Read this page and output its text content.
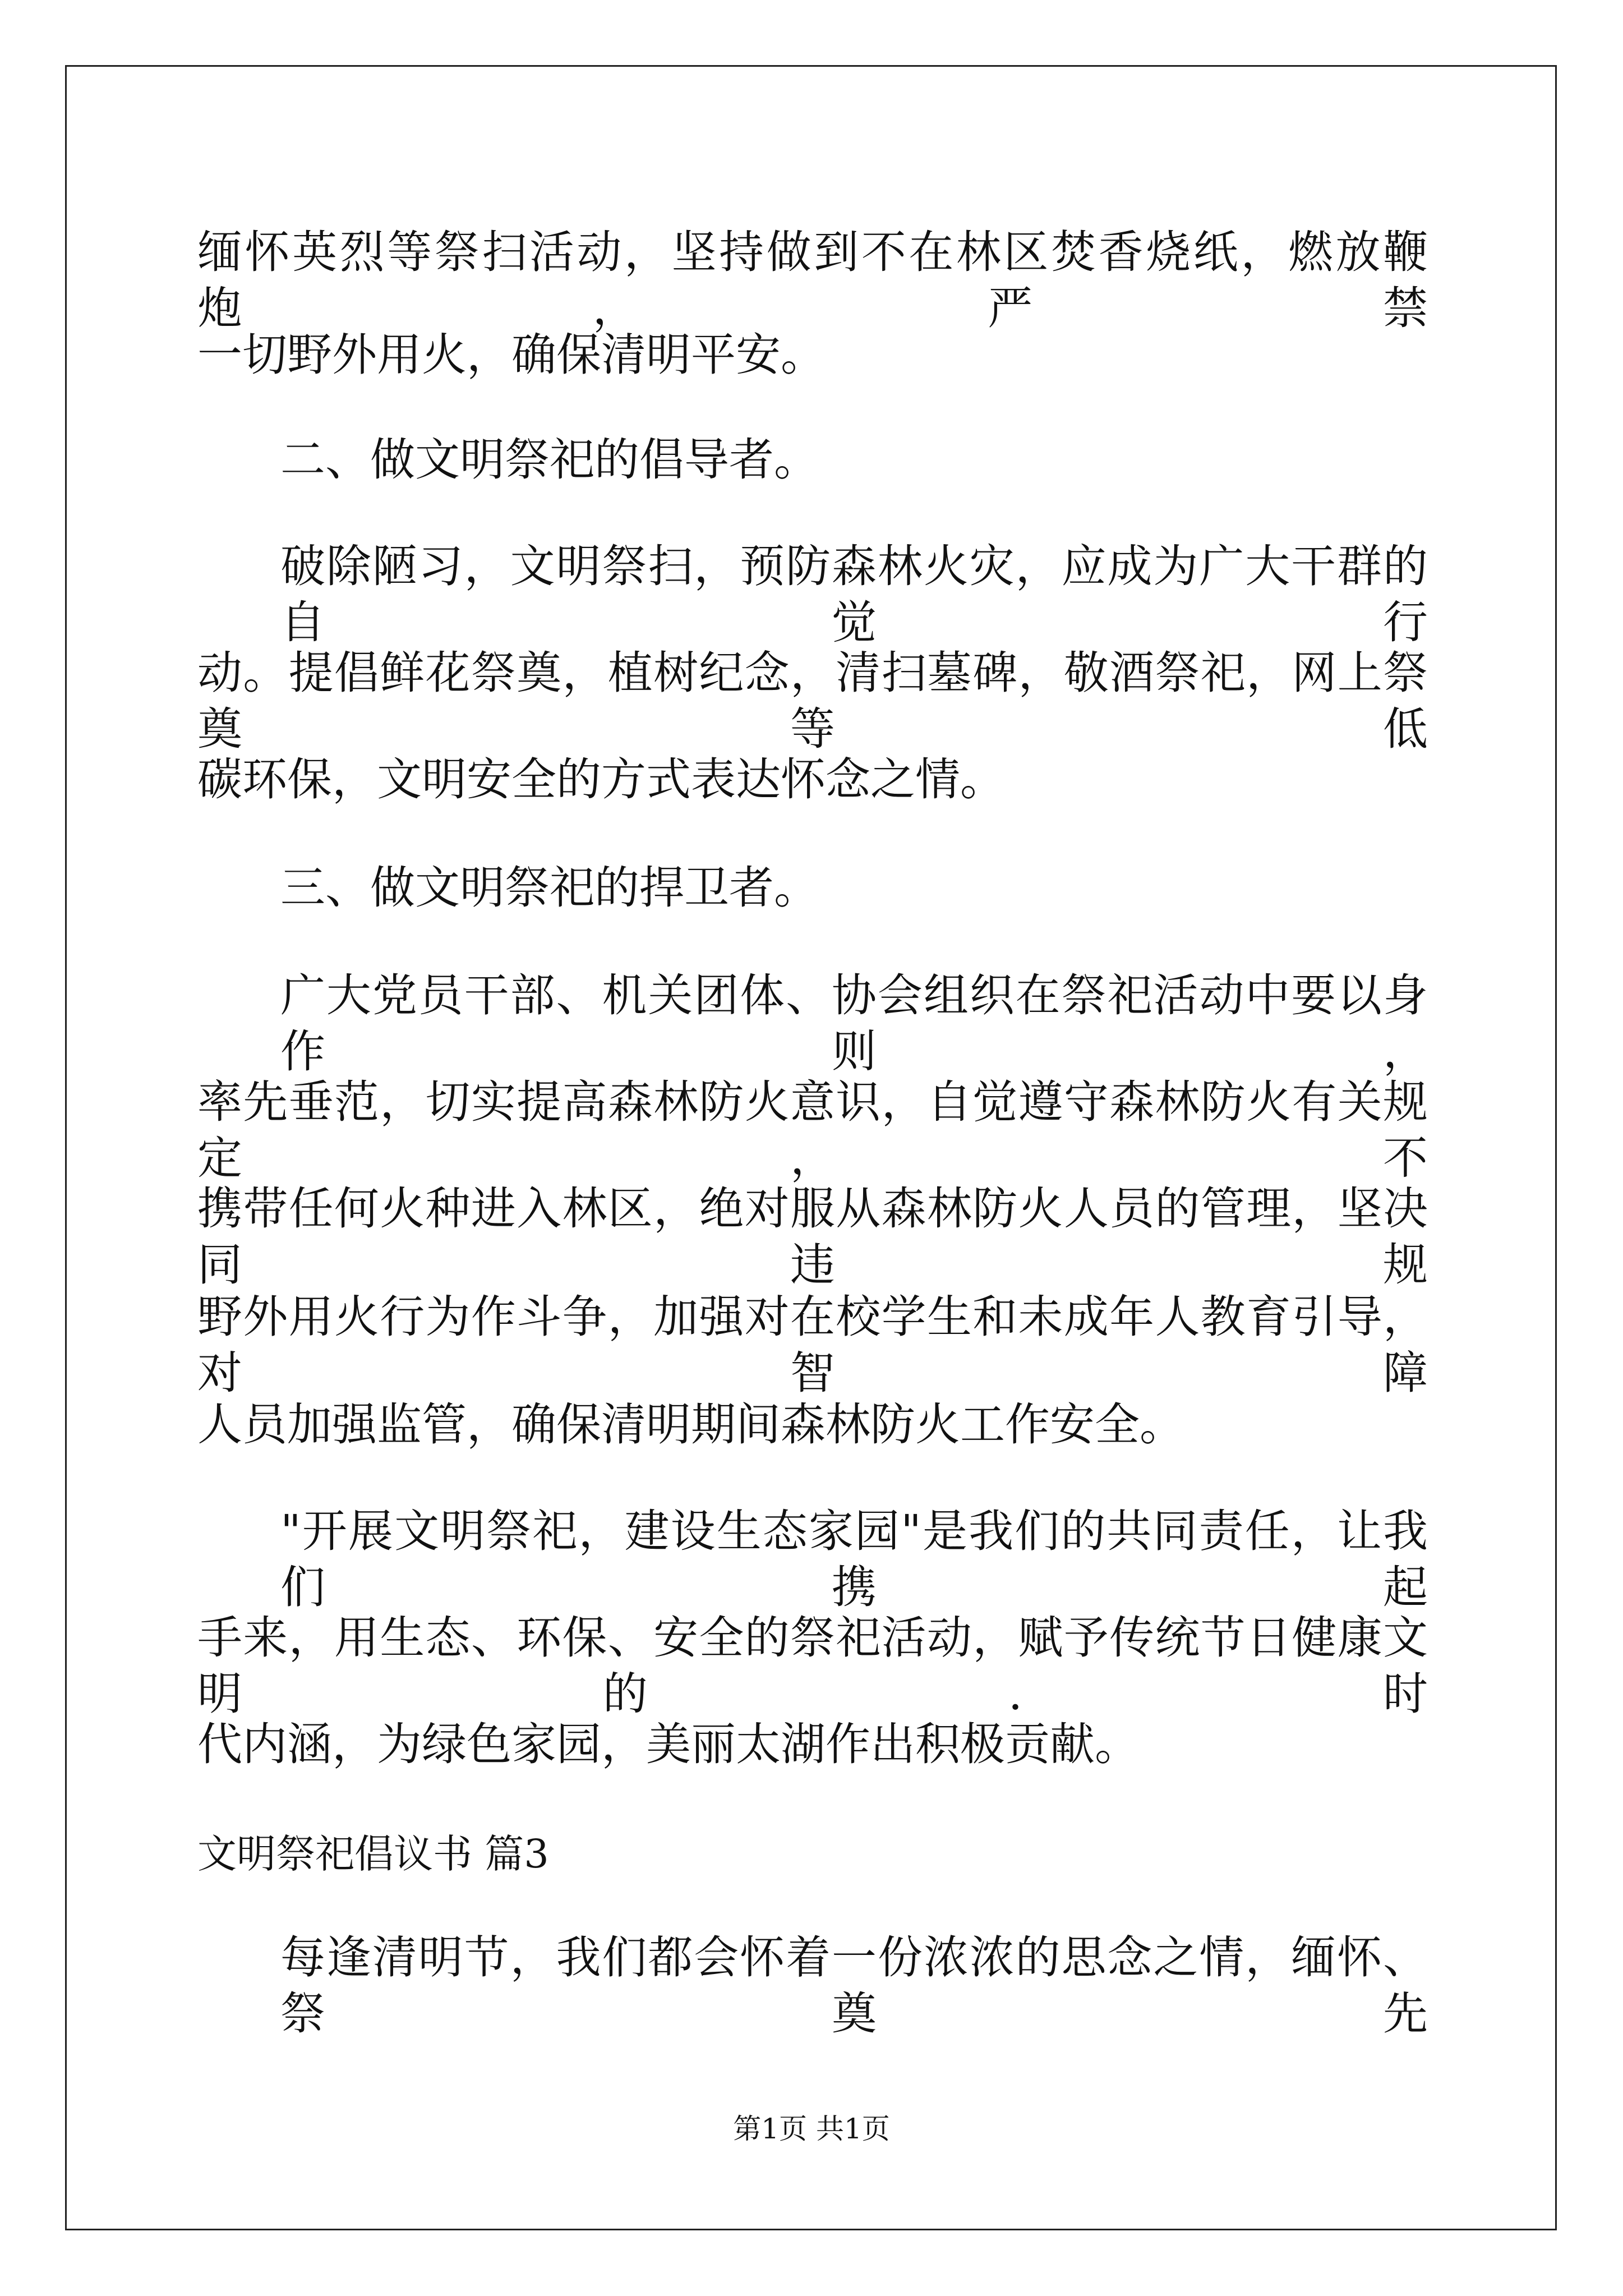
缅怀英烈等祭扫活动，坚持做到不在林区焚香烧纸，燃放鞭炮，严禁
一切野外用火，确保清明平安。
二、做文明祭祀的倡导者。
破除陋习，文明祭扫，预防森林火灾，应成为广大干群的自觉行
动。提倡鲜花祭奠，植树纪念，清扫墓碑，敬酒祭祀，网上祭奠等低
碳环保，文明安全的方式表达怀念之情。
三、做文明祭祀的捍卫者。
广大党员干部、机关团体、协会组织在祭祀活动中要以身作则，
率先垂范，切实提高森林防火意识，自觉遵守森林防火有关规定，不
携带任何火种进入林区，绝对服从森林防火人员的管理，坚决同违规
野外用火行为作斗争，加强对在校学生和未成年人教育引导，对智障
人员加强监管，确保清明期间森林防火工作安全。
"开展文明祭祀，建设生态家园"是我们的共同责任，让我们携起
手来，用生态、环保、安全的祭祀活动，赋予传统节日健康文明的.时
代内涵，为绿色家园，美丽太湖作出积极贡献。
文明祭祀倡议书 篇3
每逢清明节，我们都会怀着一份浓浓的思念之情，缅怀、祭奠先
第1页 共1页
